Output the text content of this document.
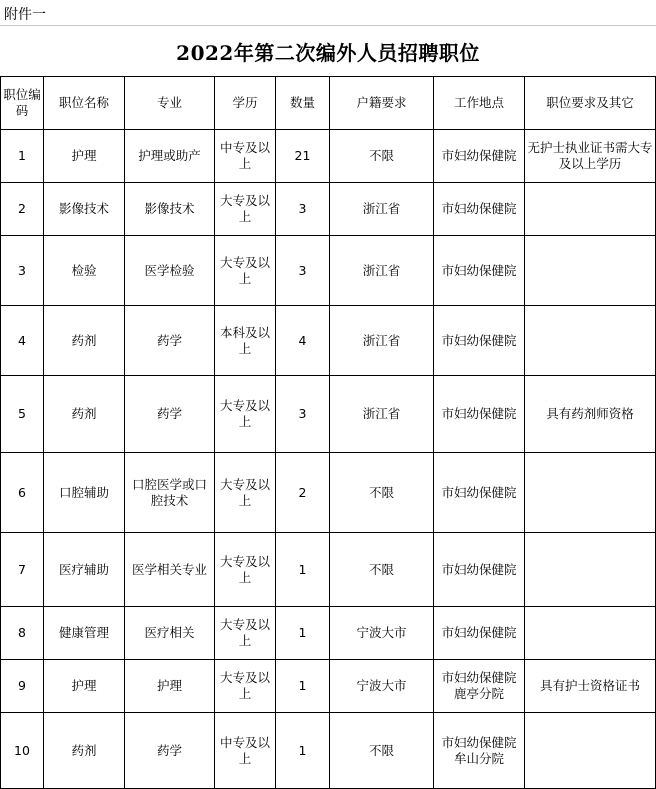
附件一
2022年第二次编外人员招聘职位
职位编码	职位名称	专业	学历	数量	户籍要求	工作地点	职位要求及其它
1	护理	护理或助产	中专及以上	21	不限	市妇幼保健院	无护士执业证书需大专及以上学历
2	影像技术	影像技术	大专及以上	3	浙江省	市妇幼保健院	
3	检验	医学检验	大专及以上	3	浙江省	市妇幼保健院	
4	药剂	药学	本科及以上	4	浙江省	市妇幼保健院	
5	药剂	药学	大专及以上	3	浙江省	市妇幼保健院	具有药剂师资格
6	口腔辅助	口腔医学或口腔技术	大专及以上	2	不限	市妇幼保健院	
7	医疗辅助	医学相关专业	大专及以上	1	不限	市妇幼保健院	
8	健康管理	医疗相关	大专及以上	1	宁波大市	市妇幼保健院	
9	护理	护理	大专及以上	1	宁波大市	市妇幼保健院鹿亭分院	具有护士资格证书
10	药剂	药学	中专及以上	1	不限	市妇幼保健院牟山分院	
